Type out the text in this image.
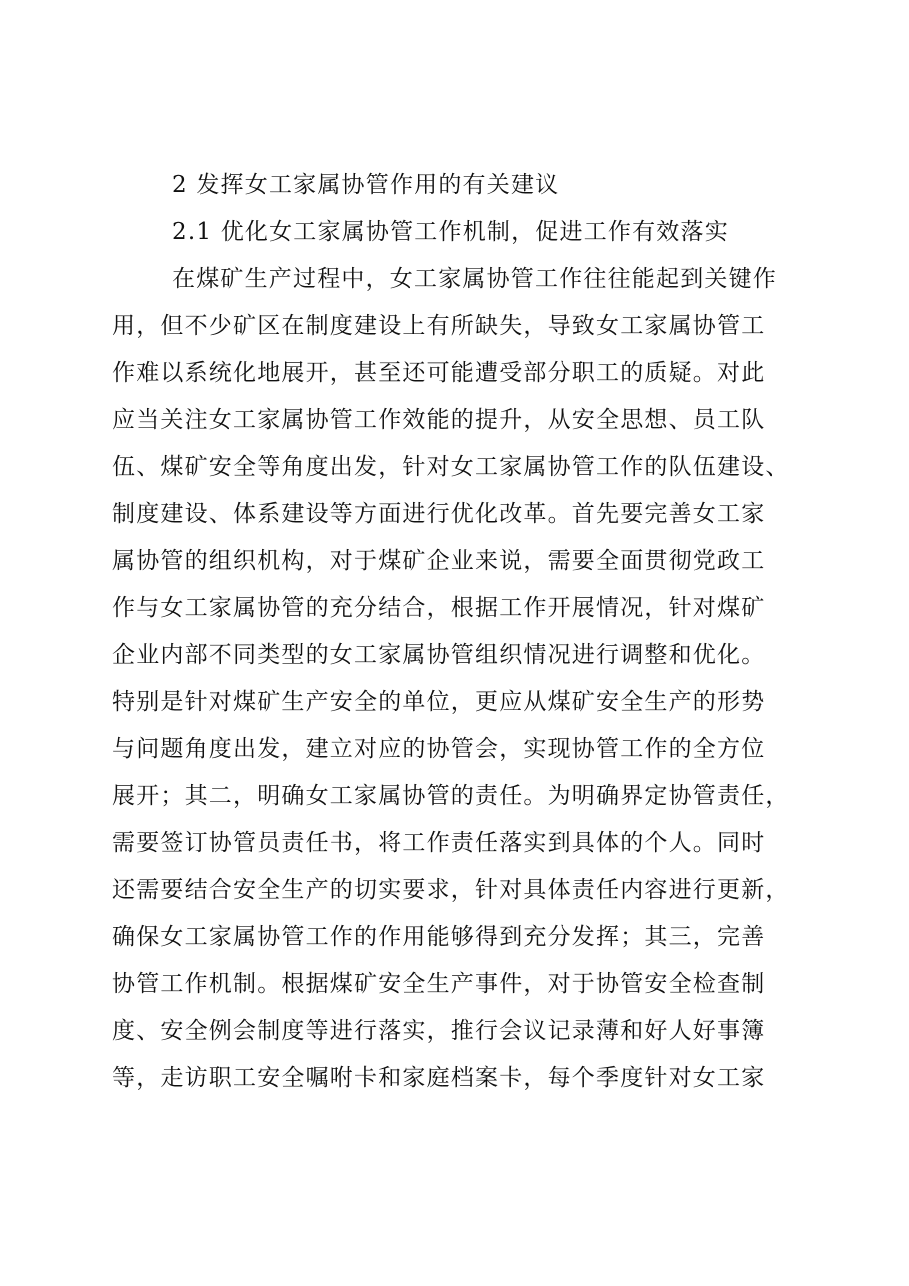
2 发挥女工家属协管作用的有关建议
2.1 优化女工家属协管工作机制，促进工作有效落实
在煤矿生产过程中，女工家属协管工作往往能起到关键作
用，但不少矿区在制度建设上有所缺失，导致女工家属协管工
作难以系统化地展开，甚至还可能遭受部分职工的质疑。对此
应当关注女工家属协管工作效能的提升，从安全思想、员工队
伍、煤矿安全等角度出发，针对女工家属协管工作的队伍建设、
制度建设、体系建设等方面进行优化改革。首先要完善女工家
属协管的组织机构，对于煤矿企业来说，需要全面贯彻党政工
作与女工家属协管的充分结合，根据工作开展情况，针对煤矿
企业内部不同类型的女工家属协管组织情况进行调整和优化。
特别是针对煤矿生产安全的单位，更应从煤矿安全生产的形势
与问题角度出发，建立对应的协管会，实现协管工作的全方位
展开；其二，明确女工家属协管的责任。为明确界定协管责任，
需要签订协管员责任书，将工作责任落实到具体的个人。同时
还需要结合安全生产的切实要求，针对具体责任内容进行更新，
确保女工家属协管工作的作用能够得到充分发挥；其三，完善
协管工作机制。根据煤矿安全生产事件，对于协管安全检查制
度、安全例会制度等进行落实，推行会议记录薄和好人好事簿
等，走访职工安全嘱咐卡和家庭档案卡，每个季度针对女工家
